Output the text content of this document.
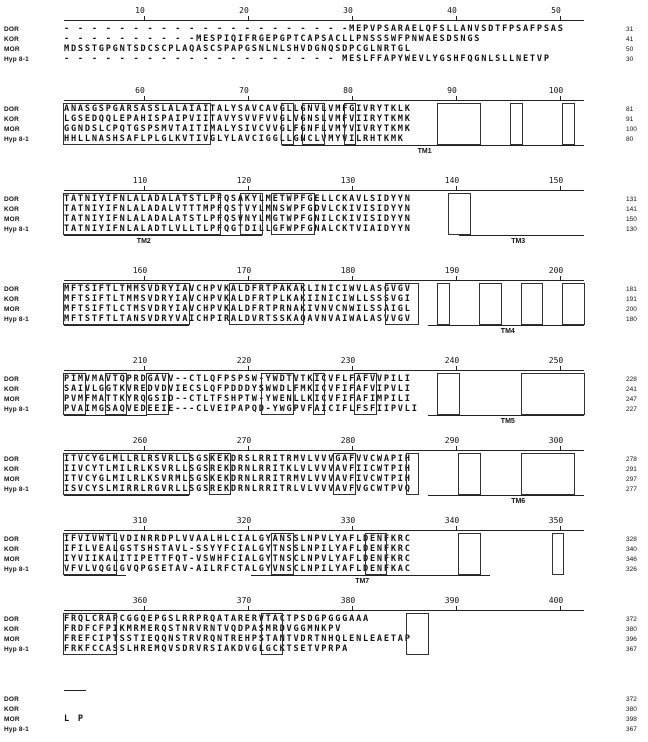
10	20	30	40	50
DOR	- - - - - - - - - - - - - - - - - - - - -MEPVPSARAELQFSLLANVSDTFPSAFPSAS	31
KOR	- - - - - - - - - -MESPIQIFRGEPGPTCAPSACLLPNSSSWFPNWAESDSNGS	41
MOR	MDSSTGPGNTSDCSCPLAQASCSPAPGSNLNLSHVDGNQSDPCGLNRTGL	50
Hyp 8-1	- - - - - - - - - - - - - - - - - - - - MESLFFAPYWEVLYGSHFQGNLSLLNETVP	30
60	70	80	90	100
DOR	ANASGSPGARSASSLALAIAITALYSAVCAVGLLGNVLVMFGIVRYTKLK	81
KOR	LGSEDQQLEPAHISPAIPVIITAVYSVVFVVGLVGNSLVMFVIIRYTKMK	91
MOR	GGNDSLCPQTGSPSMVTAITIMALYSIVCVVGLFGNFLVMYVIVRYTKMK	100
Hyp 8-1	HHLLNASHSAFLPLGLKVTIVGLYLAVCIGGLLGNCLVMYVILRHTKMK	80
TM1
110	120	130	140	150
DOR	TATNIYIFNLALADALATSTLPFQSAKYLMETWPFGELLCKAVLSIDYYN	131
KOR	TATNIYIFNLALADALVTTTMPFQSTVYLMNSWPFGDVLCKIVISIDYYN	141
MOR	TATNIYIFNLALADALATSTLPFQSVNYLMGTWPFGNILCKIVISIDYYN	150
Hyp 8-1	TATNIYIFNLALADTLVLLTLPFQGTDILLGFWPFGNALCKTVIAIDYYN	130
TM2	TM3
160	170	180	190	200
DOR	MFTSIFTLTMMSVDRYIAVCHPVKALDFRTPAKAKLINICIWVLASGVGV	181
KOR	MFTSIFTLTMMSVDRYIAVCHPVKALDFRTPLKAKIINICIWLLSSSVGI	191
MOR	MFTSIFTLCTMSVDRYIAVCHPVKALDFRTPRNAKIVNVCNWILSSAIGL	200
Hyp 8-1	MFTSTFTLTANSVDRYVAICHPIRALDVRTSSKAQAVNVAIWALASVVGV	180
TM4
210	220	230	240	250
DOR	PIMVMAVTQPRDGAVV--CTLQFPSPSW-YWDTVTKICVFLFAFVVPILI	228
KOR	SAIVLGGTKVREDVDVIECSLQFPDDDYSWWDLFMKICVFIFAFVIPVLI	241
MOR	PVMFMATTKYRQGSID--CTLTFSHPTW-YWENLLKICVFIFAFIMPILI	247
Hyp 8-1	PVAIMGSAQVEDEEIE---CLVEIPAPQD-YWGPVFAICIFLFSFIIPVLI	227
TM5
260	270	280	290	300
DOR	ITVCYGLMLLRLRSVRLLSGSKEKDRSLRRITRMVLVVVGAFVVCWAPIH	278
KOR	IIVCYTLMILRLKSVRLLSGSREKDRNLRRITKLVLVVVAVFIICWTPIH	291
MOR	ITVCYGLMILRLKSVRMLSGSKEKDRNLRRITRMVLVVVAVFIVCWTPIH	297
Hyp 8-1	ISVCYSLMIRRLRGVRLLSGSREKDRNLRRITRLVLVVVAVFVGCWTPVQ	277
TM6
310	320	330	340	350
DOR	IFVIVWTLVDINRRDPLVVAALHLCIALGYANSSLNPVLYAFLDENFKRC	328
KOR	IFILVEALGSTSHSTAVL-SSYYFCIALGYTNSSLNPILYAFLDENFKRC	340
MOR	IYVIIKALITIPETTFQT-VSWHFCIALGYTNSCLNPVLYAFLDENFKRC	346
Hyp 8-1	VFVLVQGLGVQPGSETAV-AILRFCTALGYVNSCLNPILYAFLDENFKAC	326
TM7
360	370	380	390	400
DOR	FRQLCRAPCGGQEPGSLRRPRQATARERVTACTPSDGPGGGAAA	372
KOR	FRDFCFPIKMRMERQSTNRVRNTVQDPASMRDVGGMNKPV	380
MOR	FREFCIPTSSTIEQQNSTRVRQNTREHPSTANTVDRTNHQLENLEAETAP	396
Hyp 8-1	FRKFCCASSLHREMQVSDRVRSIAKDVGLGCKTSETVPRPA	367
DOR	372
KOR	380
MOR	L P	398
Hyp 8-1	367
